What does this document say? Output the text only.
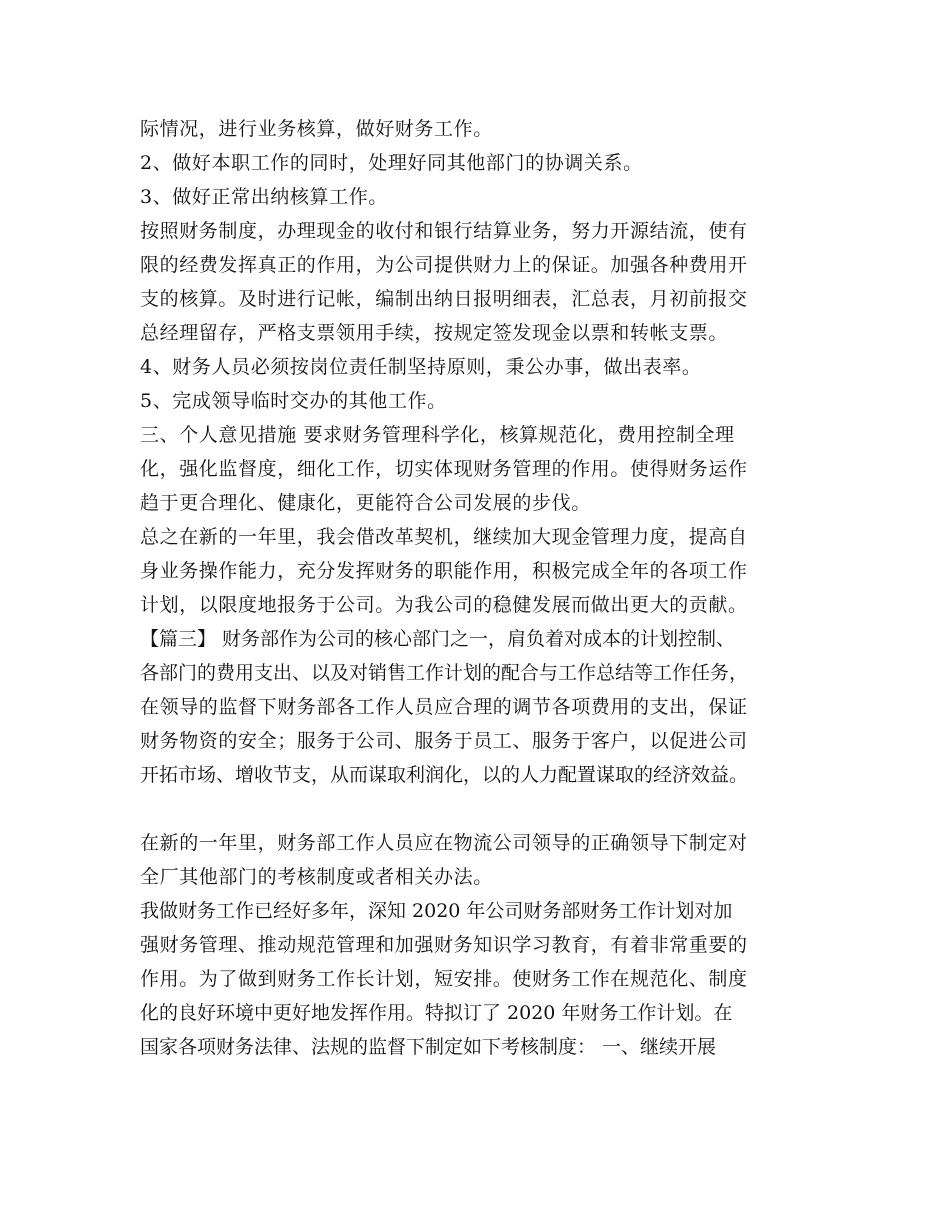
际情况，进行业务核算，做好财务工作。
2、做好本职工作的同时，处理好同其他部门的协调关系。
3、做好正常出纳核算工作。
按照财务制度，办理现金的收付和银行结算业务，努力开源结流，使有
限的经费发挥真正的作用，为公司提供财力上的保证。加强各种费用开
支的核算。及时进行记帐，编制出纳日报明细表，汇总表，月初前报交
总经理留存，严格支票领用手续，按规定签发现金以票和转帐支票。
4、财务人员必须按岗位责任制坚持原则，秉公办事，做出表率。
5、完成领导临时交办的其他工作。
三、个人意见措施 要求财务管理科学化，核算规范化，费用控制全理
化，强化监督度，细化工作，切实体现财务管理的作用。使得财务运作
趋于更合理化、健康化，更能符合公司发展的步伐。
总之在新的一年里，我会借改革契机，继续加大现金管理力度，提高自
身业务操作能力，充分发挥财务的职能作用，积极完成全年的各项工作
计划，以限度地报务于公司。为我公司的稳健发展而做出更大的贡献。
【篇三】 财务部作为公司的核心部门之一，肩负着对成本的计划控制、
各部门的费用支出、以及对销售工作计划的配合与工作总结等工作任务，
在领导的监督下财务部各工作人员应合理的调节各项费用的支出，保证
财务物资的安全；服务于公司、服务于员工、服务于客户，以促进公司
开拓市场、增收节支，从而谋取利润化，以的人力配置谋取的经济效益。
在新的一年里，财务部工作人员应在物流公司领导的正确领导下制定对
全厂其他部门的考核制度或者相关办法。
我做财务工作已经好多年，深知 2020 年公司财务部财务工作计划对加
强财务管理、推动规范管理和加强财务知识学习教育，有着非常重要的
作用。为了做到财务工作长计划，短安排。使财务工作在规范化、制度
化的良好环境中更好地发挥作用。特拟订了 2020 年财务工作计划。在
国家各项财务法律、法规的监督下制定如下考核制度： 一、继续开展
